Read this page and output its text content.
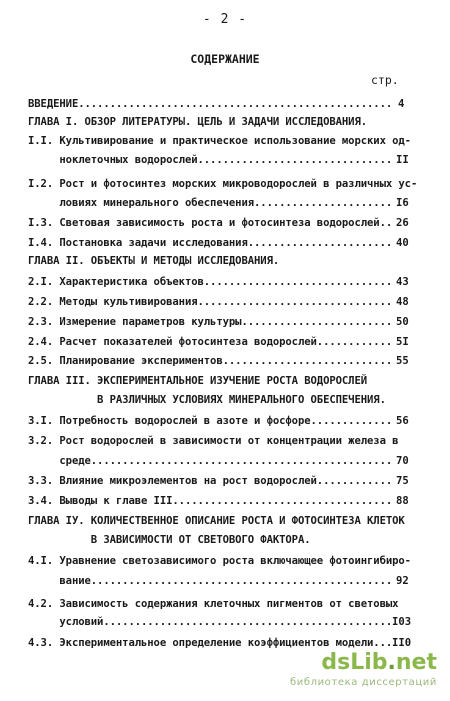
- 2 -
СОДЕРЖАНИЕ
стр.
ВВЕДЕНИЕ.................................................. 4
ГЛАВА I. ОБЗОР ЛИТЕРАТУРЫ. ЦЕЛЬ И ЗАДАЧИ ИССЛЕДОВАНИЯ.
I.I. Культивирование и практическое использование морских од-
ноклеточных водорослей............................... II
I.2. Рост и фотосинтез морских микроводорослей в различных ус-
ловиях минерального обеспечения...................... I6
I.3. Световая зависимость роста и фотосинтеза водорослей.. 26
I.4. Постановка задачи исследования....................... 40
ГЛАВА II. ОБЪЕКТЫ И МЕТОДЫ ИССЛЕДОВАНИЯ.
2.I. Характеристика объектов.............................. 43
2.2. Методы культивирования............................... 48
2.3. Измерение параметров культуры........................ 50
2.4. Расчет показателей фотосинтеза водорослей............ 5I
2.5. Планирование экспериментов........................... 55
ГЛАВА III. ЭКСПЕРИМЕНТАЛЬНОЕ ИЗУЧЕНИЕ РОСТА ВОДОРОСЛЕЙ
В РАЗЛИЧНЫХ УСЛОВИЯХ МИНЕРАЛЬНОГО ОБЕСПЕЧЕНИЯ.
3.I. Потребность водорослей в азоте и фосфоре............. 56
3.2. Рост водорослей в зависимости от концентрации железа в
среде................................................ 70
3.3. Влияние микроэлементов на рост водорослей............ 75
3.4. Выводы к главе III................................... 88
ГЛАВА IУ. КОЛИЧЕСТВЕННОЕ ОПИСАНИЕ РОСТА И ФОТОСИНТЕЗА КЛЕТОК
В ЗАВИСИМОСТИ ОТ СВЕТОВОГО ФАКТОРА.
4.I. Уравнение светозависимого роста включающее фотоингибиро-
вание................................................ 92
4.2. Зависимость содержания клеточных пигментов от световых
условий.............................................. I03
4.3. Экспериментальное определение коэффициентов модели... II0
dsLib.net
библиотека диссертаций
